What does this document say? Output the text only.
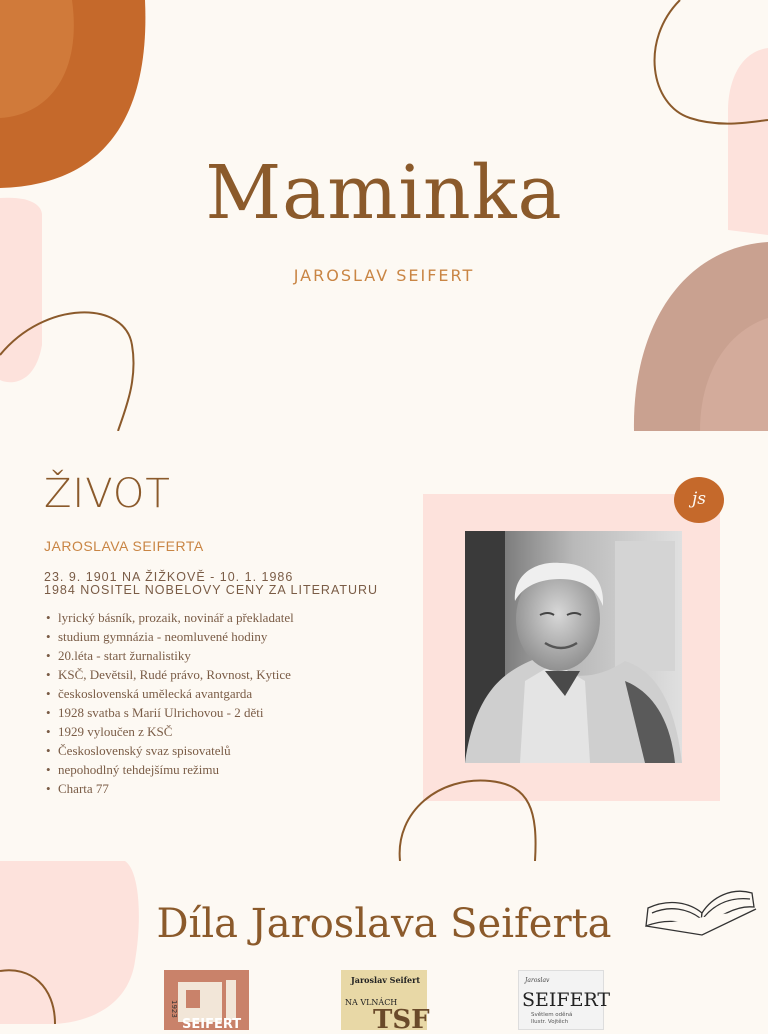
Maminka
JAROSLAV SEIFERT
ŽIVOT
JAROSLAVA SEIFERTA
23. 9. 1901 NA ŽIŽKOVĚ - 10. 1. 1986
1984 NOSITEL NOBELOVY CENY ZA LITERATURU
• lyrický básník, prozaik, novinář a překladatel
• studium gymnázia - neomluvené hodiny
• 20.léta - start žurnalistiky
• KSČ, Devětsil, Rudé právo, Rovnost, Kytice
• československá umělecká avantgarda
• 1928 svatba s Marií Ulrichovou - 2 děti
• 1929 vyloučen z KSČ
• Československý svaz spisovatelů
• nepohodlný tehdejšímu režimu
• Charta 77
js
Díla Jaroslava Seiferta
1923
SEIFERT
Jaroslav Seifert
NA VLNÁCH
TSF
Jaroslav
SEIFERT
Světlem oděná
Ilustr. Vojtěch
